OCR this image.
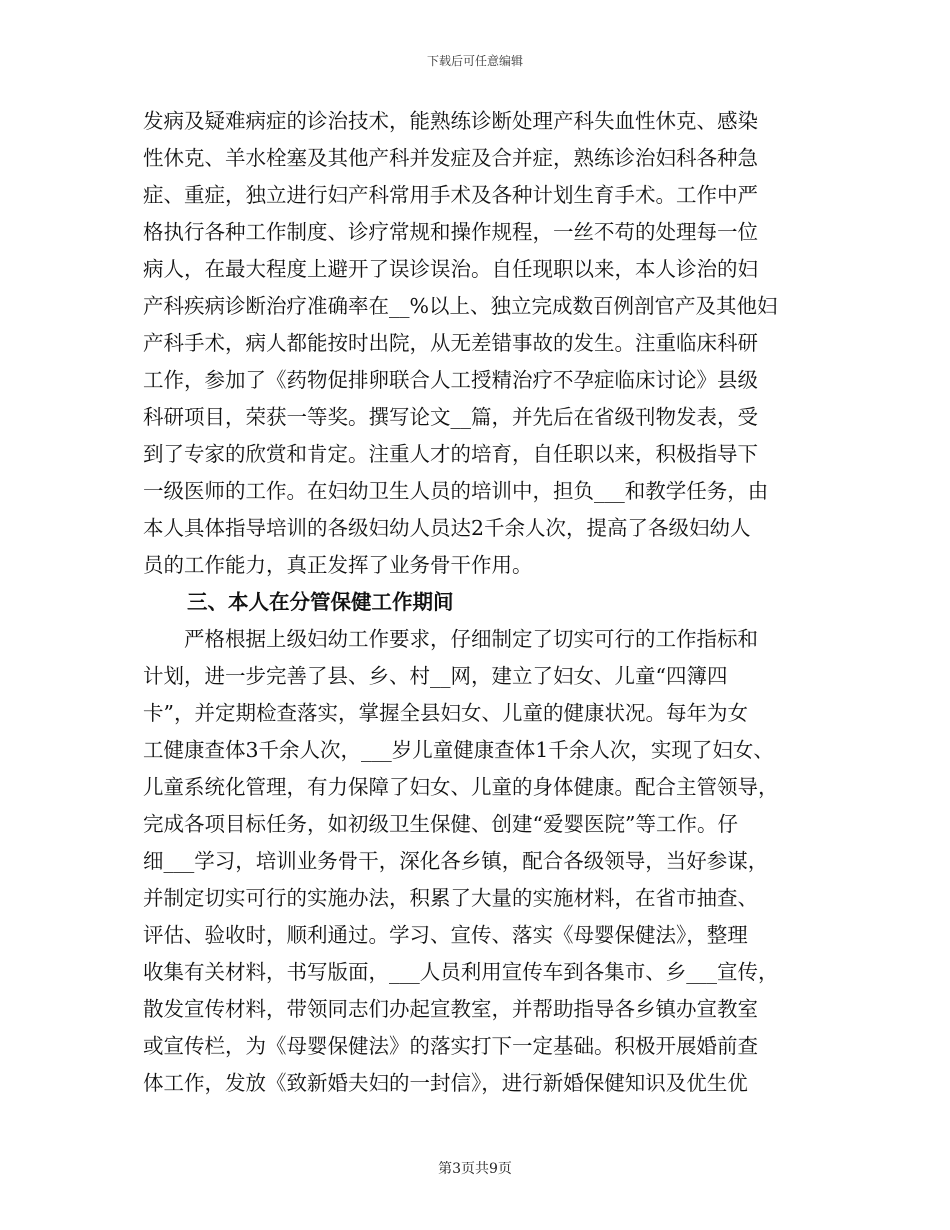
下载后可任意编辑
发病及疑难病症的诊治技术，能熟练诊断处理产科失血性休克、感染
性休克、羊水栓塞及其他产科并发症及合并症，熟练诊治妇科各种急
症、重症，独立进行妇产科常用手术及各种计划生育手术。工作中严
格执行各种工作制度、诊疗常规和操作规程，一丝不苟的处理每一位
病人，在最大程度上避开了误诊误治。自任现职以来，本人诊治的妇
产科疾病诊断治疗准确率在__%以上、独立完成数百例剖官产及其他妇
产科手术，病人都能按时出院，从无差错事故的发生。注重临床科研
工作，参加了《药物促排卵联合人工授精治疗不孕症临床讨论》县级
科研项目，荣获一等奖。撰写论文__篇，并先后在省级刊物发表，受
到了专家的欣赏和肯定。注重人才的培育，自任职以来，积极指导下
一级医师的工作。在妇幼卫生人员的培训中，担负___和教学任务，由
本人具体指导培训的各级妇幼人员达2千余人次，提高了各级妇幼人
员的工作能力，真正发挥了业务骨干作用。
三、本人在分管保健工作期间
　　严格根据上级妇幼工作要求，仔细制定了切实可行的工作指标和
计划，进一步完善了县、乡、村__网，建立了妇女、儿童“四簿四
卡”，并定期检查落实，掌握全县妇女、儿童的健康状况。每年为女
工健康查体3千余人次，___岁儿童健康查体1千余人次，实现了妇女、
儿童系统化管理，有力保障了妇女、儿童的身体健康。配合主管领导，
完成各项目标任务，如初级卫生保健、创建“爱婴医院”等工作。仔
细___学习，培训业务骨干，深化各乡镇，配合各级领导，当好参谋，
并制定切实可行的实施办法，积累了大量的实施材料，在省市抽查、
评估、验收时，顺利通过。学习、宣传、落实《母婴保健法》，整理
收集有关材料，书写版面，___人员利用宣传车到各集市、乡___宣传，
散发宣传材料，带领同志们办起宣教室，并帮助指导各乡镇办宣教室
或宣传栏，为《母婴保健法》的落实打下一定基础。积极开展婚前查
体工作，发放《致新婚夫妇的一封信》，进行新婚保健知识及优生优
第3页共9页
